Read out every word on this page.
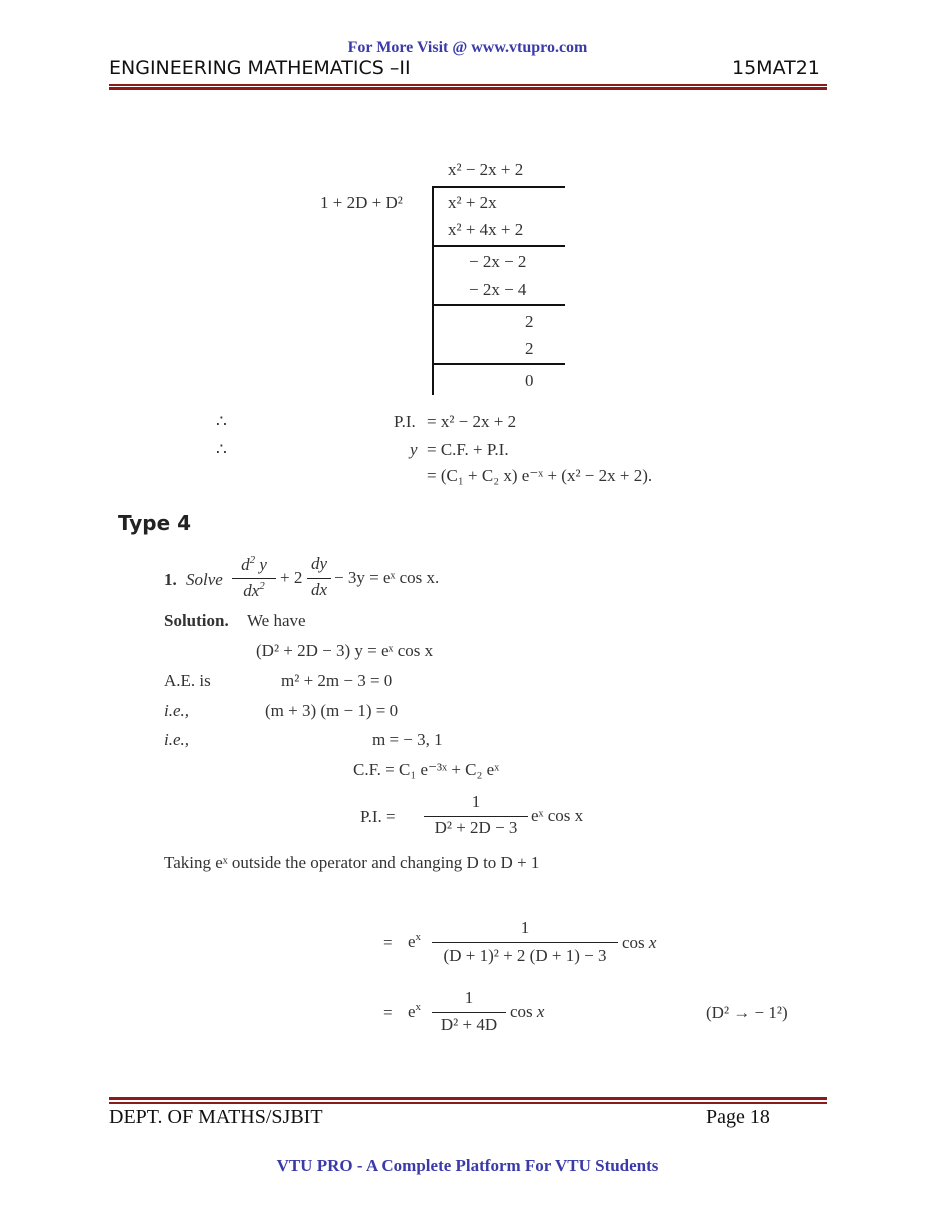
For More Visit @ www.vtupro.com
ENGINEERING MATHEMATICS –II	15MAT21
x² − 2x + 2
1 + 2D + D²	x² + 2x
x² + 4x + 2
− 2x − 2
− 2x − 4
2
2
0
∴	P.I. = x² − 2x + 2
∴	y = C.F. + P.I.
= (C₁ + C₂ x) e⁻ˣ + (x² − 2x + 2).
Type 4
1. Solve
$d^2$ y
$dx^2 + 2$
dy
dx
− 3y = eˣ cos x.
Solution. We have
(D² + 2D − 3) y = eˣ cos x
A.E. is	m² + 2m − 3 = 0
i.e.,	(m + 3) (m − 1) = 0
i.e.,	m = − 3, 1
C.F. = C₁ e⁻³ˣ + C₂ eˣ
P.I. =
1
D² + 2D − 3
eˣ cos x
Taking eˣ outside the operator and changing D to D + 1
= $e^x$	1
(D + 1)² + 2 (D + 1) − 3
cos x
= $e^x$	1
D² + 4D
cos x	(D² → − 1²)
DEPT. OF MATHS/SJBIT	Page 18
VTU PRO - A Complete Platform For VTU Students
